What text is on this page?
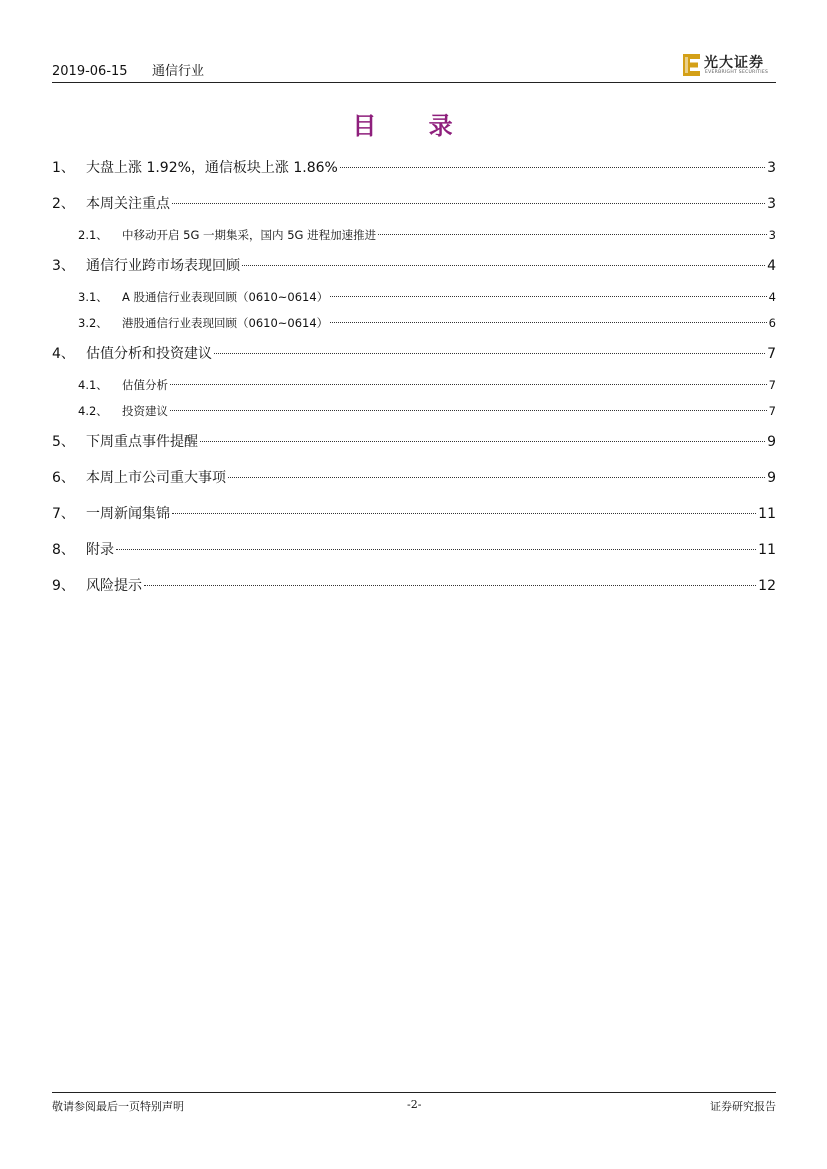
2019-06-15 通信行业
光大证券
EVERBRIGHT SECURITIES
目 录
1、 大盘上涨 1.92%，通信板块上涨 1.86%	3
2、 本周关注重点	3
2.1、	中移动开启 5G 一期集采，国内 5G 进程加速推进	3
3、 通信行业跨市场表现回顾	4
3.1、	A 股通信行业表现回顾（0610~0614）	4
3.2、	港股通信行业表现回顾（0610~0614）	6
4、 估值分析和投资建议	7
4.1、	估值分析	7
4.2、	投资建议	7
5、 下周重点事件提醒	9
6、 本周上市公司重大事项	9
7、 一周新闻集锦	11
8、 附录	11
9、 风险提示	12
敬请参阅最后一页特别声明	-2-	证券研究报告
